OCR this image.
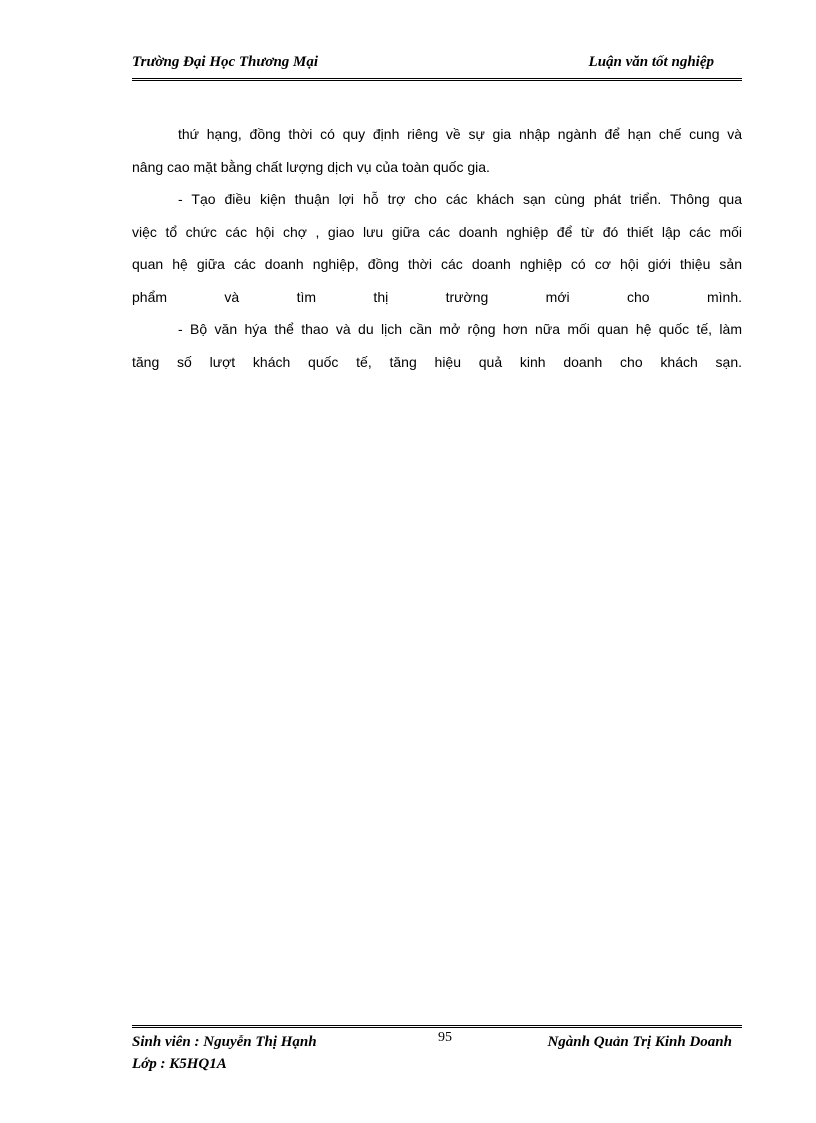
Trường Đại Học Thương Mại	Luận văn tốt nghiệp

thứ hạng, đồng thời có quy định riêng về sự gia nhập ngành để hạn chế cung và

nâng cao mặt bằng chất lượng dịch vụ của toàn quốc gia.

- Tạo điều kiện thuận lợi hỗ trợ cho các khách sạn cùng phát triển. Thông qua

việc tổ chức các hội chợ , giao lưu giữa các doanh nghiệp để từ đó thiết lập các mối

quan hệ giữa các doanh nghiệp, đồng thời các doanh nghiệp có cơ hội giới thiệu sản

phẩm và tìm thị trường mới cho mình.

- Bộ văn hýa thể thao và du lịch cần mở rộng hơn nữa mối quan hệ quốc tế, làm

tăng số lượt khách quốc tế, tăng hiệu quả kinh doanh cho khách sạn.

Sinh viên : Nguyễn Thị Hạnh
Lớp : K5HQ1A
95	Ngành Quản Trị Kinh Doanh
